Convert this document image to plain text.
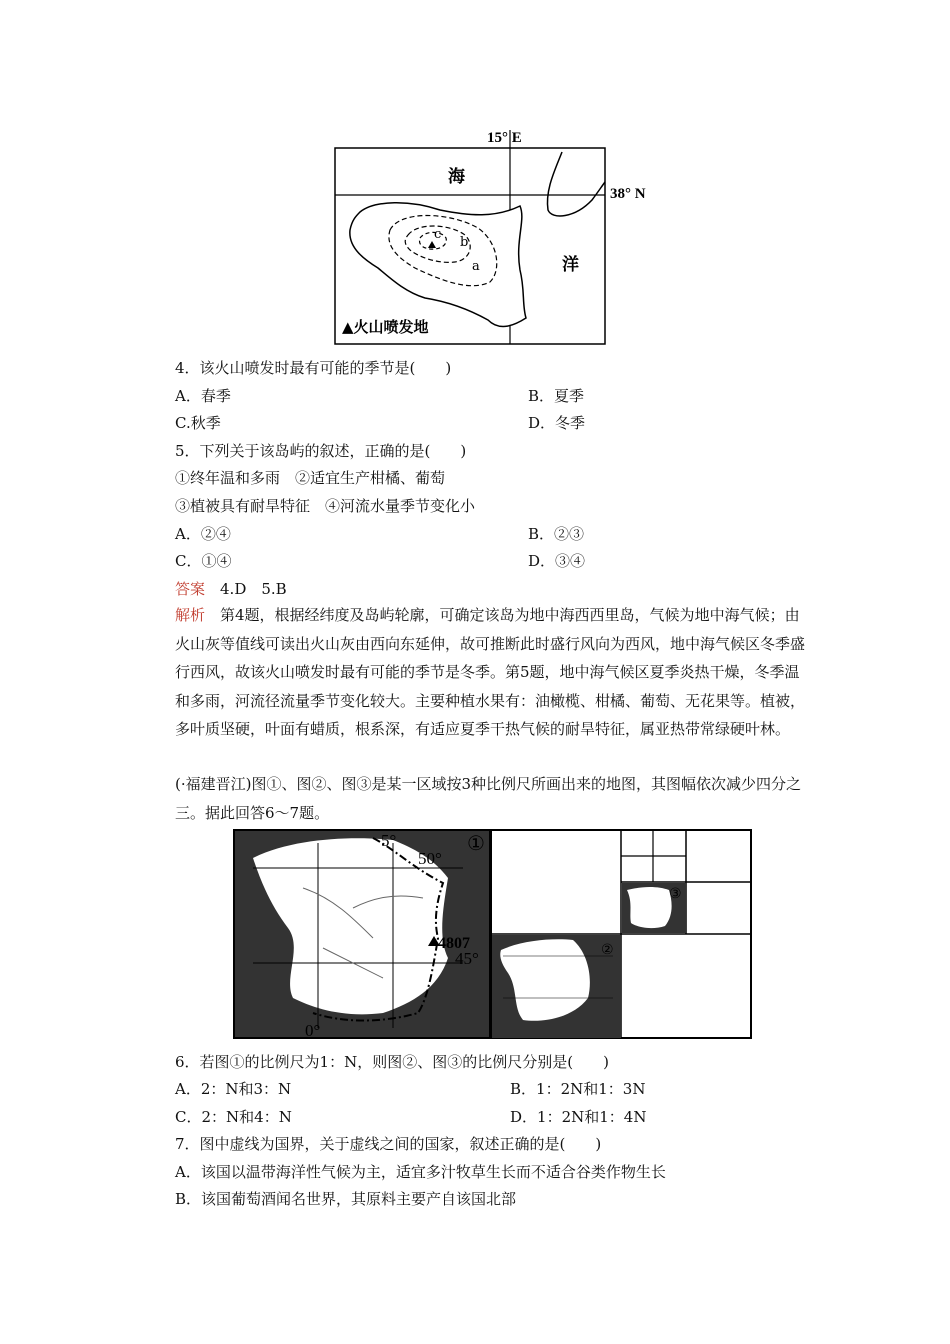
15° E
38° N
海
洋
c
b
a
▲火山喷发地
4．该火山喷发时最有可能的季节是(　　)
A．春季	B．夏季
C.秋季	D．冬季
5．下列关于该岛屿的叙述，正确的是(　　)
①终年温和多雨　②适宜生产柑橘、葡萄
③植被具有耐旱特征　④河流水量季节变化小
A．②④	B．②③
C．①④	D．③④
答案　4.D　5.B

解析　第4题，根据经纬度及岛屿轮廓，可确定该岛为地中海西西里岛，气候为地中海气候；由火山灰等值线可读出火山灰由西向东延伸，故可推断此时盛行风向为西风，地中海气候区冬季盛行西风，故该火山喷发时最有可能的季节是冬季。第5题，地中海气候区夏季炎热干燥，冬季温和多雨，河流径流量季节变化较大。主要种植水果有：油橄榄、柑橘、葡萄、无花果等。植被，多叶质坚硬，叶面有蜡质，根系深，有适应夏季干热气候的耐旱特征，属亚热带常绿硬叶林。

(·福建晋江)图①、图②、图③是某一区域按3种比例尺所画出来的地图，其图幅依次减少四分之三。据此回答6～7题。

5°
50°
4807
45°
0°
①
②
③
6．若图①的比例尺为1：N，则图②、图③的比例尺分别是(　　)
A．2：N和3：N	B．1：2N和1：3N
C．2：N和4：N	D．1：2N和1：4N
7．图中虚线为国界，关于虚线之间的国家，叙述正确的是(　　)
A．该国以温带海洋性气候为主，适宜多汁牧草生长而不适合谷类作物生长
B．该国葡萄酒闻名世界，其原料主要产自该国北部
